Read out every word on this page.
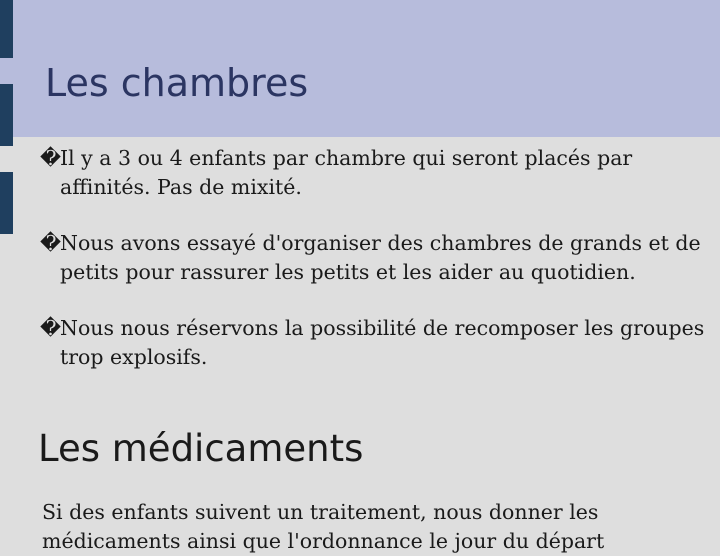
Les chambres
�
Il y a 3 ou 4 enfants par chambre qui seront placés par affinités. Pas de mixité.
�
Nous avons essayé d'organiser des chambres de grands et de petits pour rassurer les petits et les aider au quotidien.
�
Nous nous réservons la possibilité de recomposer les groupes trop explosifs.
Les médicaments
Si des enfants suivent un traitement, nous donner les médicaments ainsi que l'ordonnance le jour du départ
